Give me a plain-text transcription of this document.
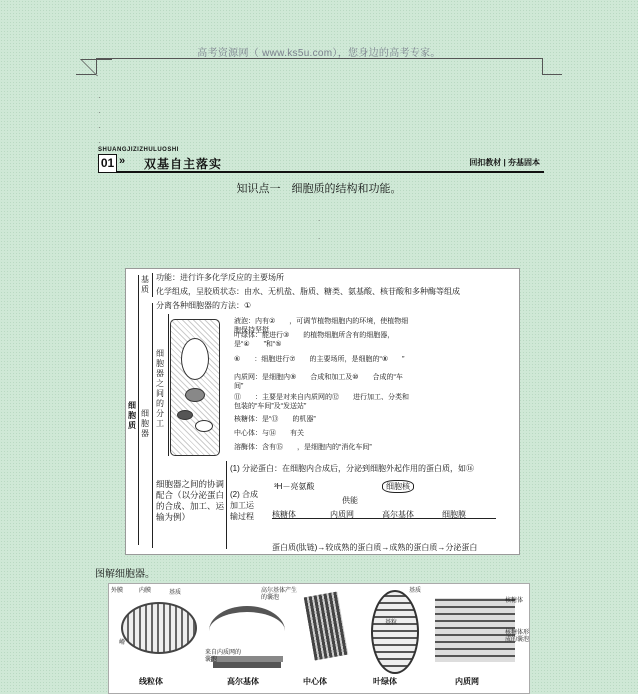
高考资源网（ www.ks5u.com），您身边的高考专家。
·
·
·
·
SHUANGJIZIZHULUOSHI
01 » 双基自主落实	回扣教材 | 夯基固本
知识点一　细胞质的结构和功能。
.
.
细胞质
基质
功能：进行许多化学反应的主要场所
化学组成，呈胶质状态：由水、无机盐、脂质、糖类、氨基酸、核苷酸和多种酶等组成
细胞器
分离各种细胞器的方法：①
细胞器之间的分工
液泡：内有②　　，可调节植物细胞内的环境，使植物细胞保持坚挺
叶绿体：能进行③　　的植物细胞所含有的细胞器，是“④　　”和“⑤
⑥　　：细胞进行⑦　　的主要场所，是细胞的“⑧　　”
内质网：是细胞内⑨　　合成和加工及⑩　　合成的“车间”
⑪　　：主要是对来自内质网的⑫　　进行加工、分类和包装的“车间”及“发送站”
核糖体：是“⑬　　的机器”
中心体：与⑭　　有关
溶酶体：含有⑮　　，是细胞内的“消化车间”
细胞器之间的协调配合（以分泌蛋白的合成、加工、运输为例）
(1) 分泌蛋白：在细胞内合成后，分泌到细胞外起作用的蛋白质，如⑯
(2) 合成加工运输过程
³H－亮氨酸	细胞核
供能
核糖体	内质网	高尔基体	细胞膜
蛋白质(肽链)→较成熟的蛋白质→成熟的蛋白质→分泌蛋白
图解细胞器。
线粒体
外膜	内膜	基质
嵴
高尔基体
高尔基体产生的囊泡
来自内质网的囊泡
中心体	叶绿体
基质
基粒
内质网
核糖体
核糖体形成的囊泡
